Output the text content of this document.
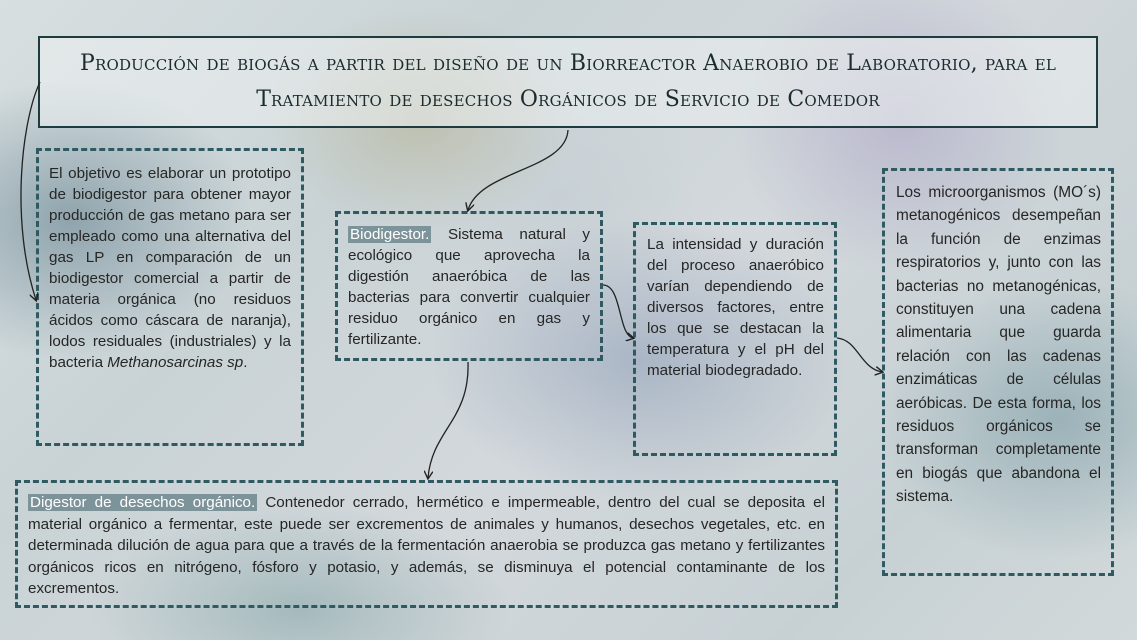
Producción de biogás a partir del diseño de un Biorreactor Anaerobio de Laboratorio, para el Tratamiento de desechos Orgánicos de Servicio de Comedor

El objetivo es elaborar un prototipo de biodigestor para obtener mayor producción de gas metano para ser empleado como una alternativa del gas LP en comparación de un biodigestor comercial a partir de materia orgánica (no residuos ácidos como cáscara de naranja), lodos residuales (industriales) y la bacteria Methanosarcinas sp.

Biodigestor. Sistema natural y ecológico que aprovecha la digestión anaeróbica de las bacterias para convertir cualquier residuo orgánico en gas y fertilizante.

La intensidad y duración del proceso anaeróbico varían dependiendo de diversos factores, entre los que se destacan la temperatura y el pH del material biodegradado.

Los microorganismos (MO´s) metanogénicos desempeñan la función de enzimas respiratorios y, junto con las bacterias no metanogénicas, constituyen una cadena alimentaria que guarda relación con las cadenas enzimáticas de células aeróbicas. De esta forma, los residuos orgánicos se transforman completamente en biogás que abandona el sistema.

Digestor de desechos orgánico. Contenedor cerrado, hermético e impermeable, dentro del cual se deposita el material orgánico a fermentar, este puede ser excrementos de animales y humanos, desechos vegetales, etc. en determinada dilución de agua para que a través de la fermentación anaerobia se produzca gas metano y fertilizantes orgánicos ricos en nitrógeno, fósforo y potasio, y además, se disminuya el potencial contaminante de los excrementos.
